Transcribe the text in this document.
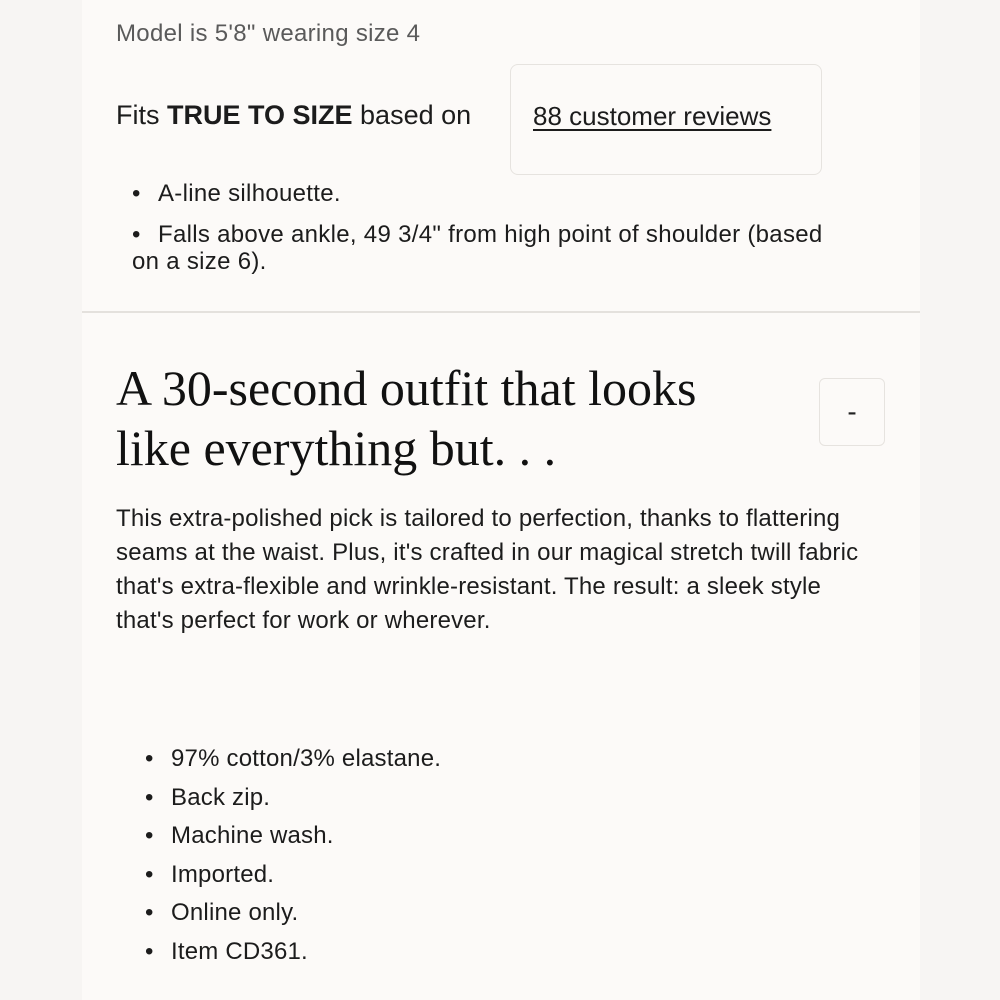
Model is 5'8" wearing size 4
Fits TRUE TO SIZE based on 88 customer reviews
• A-line silhouette.
• Falls above ankle, 49 3/4" from high point of shoulder (based on a size 6).
A 30-second outfit that looks like everything but. . .
-

This extra-polished pick is tailored to perfection, thanks to flattering seams at the waist. Plus, it's crafted in our magical stretch twill fabric that's extra-flexible and wrinkle-resistant. The result: a sleek style that's perfect for work or wherever.

• 97% cotton/3% elastane.
• Back zip.
• Machine wash.
• Imported.
• Online only.
• Item CD361.
